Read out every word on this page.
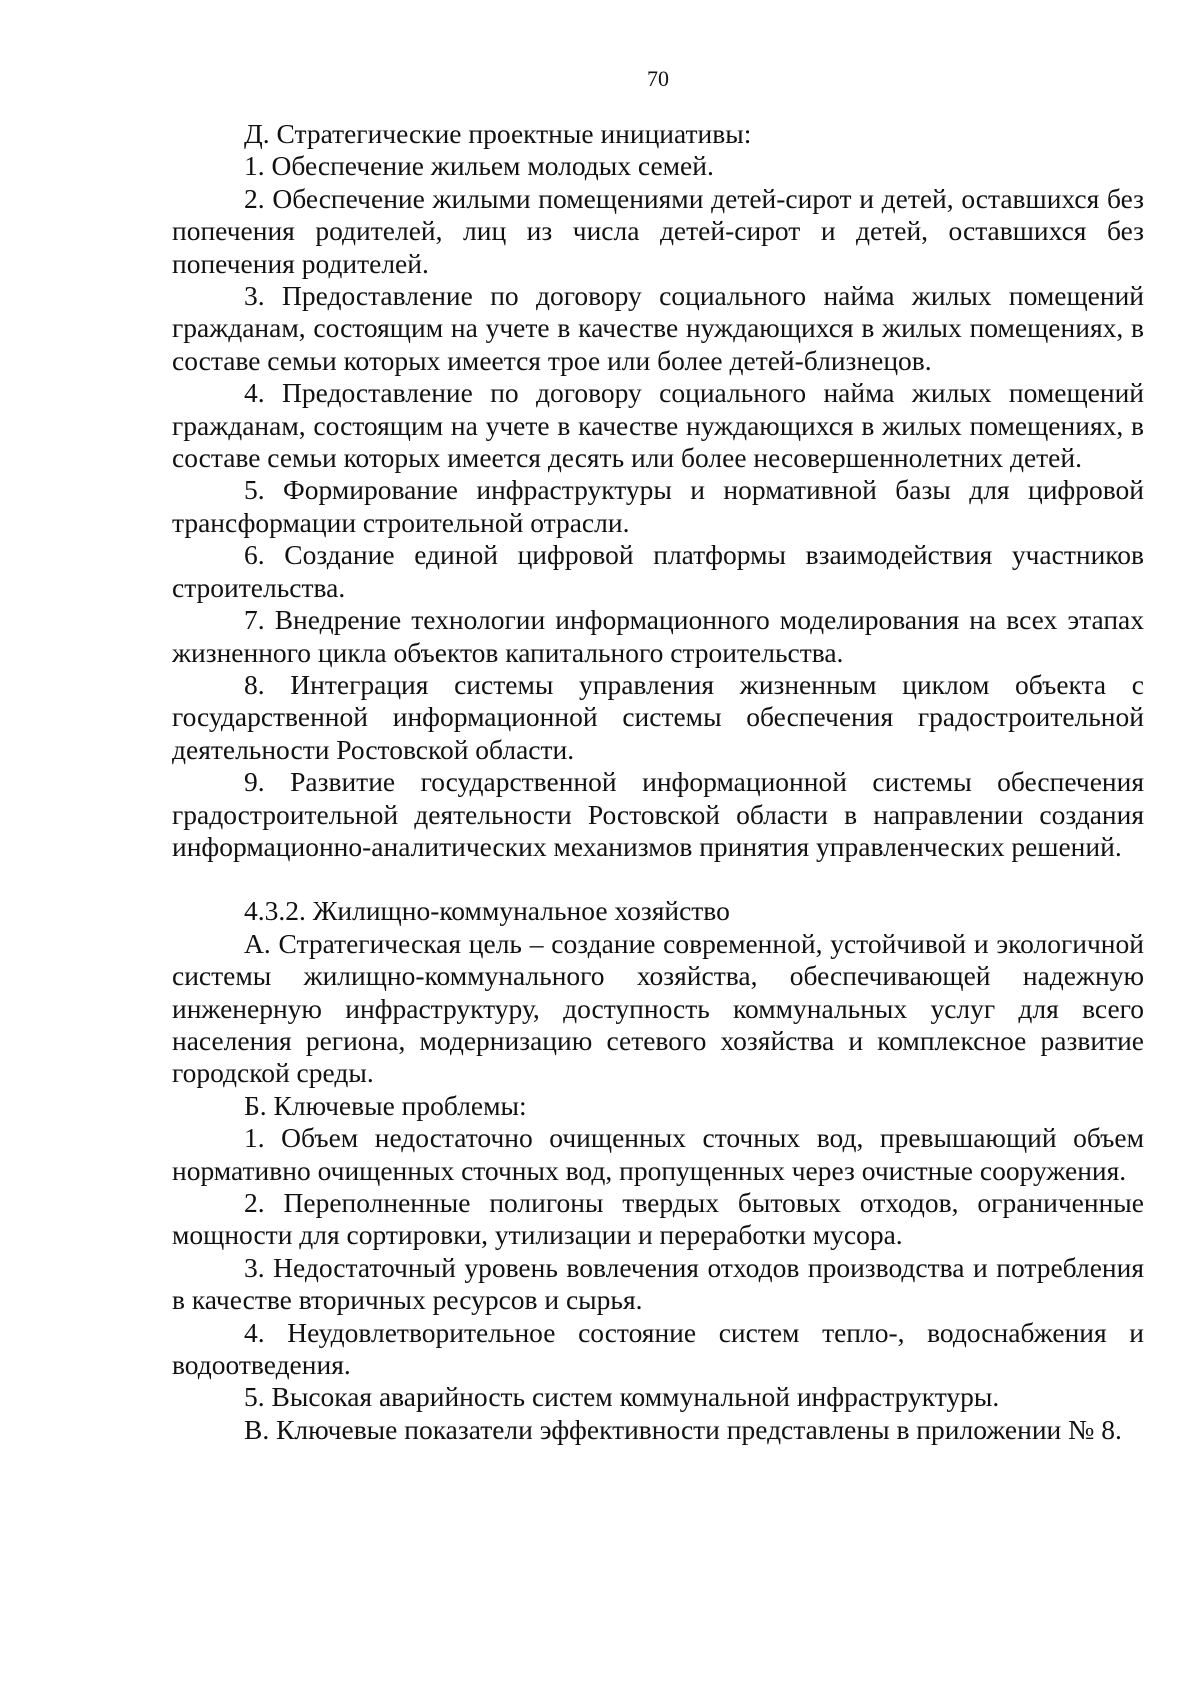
70

Д. Стратегические проектные инициативы:

1. Обеспечение жильем молодых семей.

2. Обеспечение жилыми помещениями детей-сирот и детей, оставшихся без попечения родителей, лиц из числа детей-сирот и детей, оставшихся без попечения родителей.

3. Предоставление по договору социального найма жилых помещений гражданам, состоящим на учете в качестве нуждающихся в жилых помещениях, в составе семьи которых имеется трое или более детей-близнецов.

4. Предоставление по договору социального найма жилых помещений гражданам, состоящим на учете в качестве нуждающихся в жилых помещениях, в составе семьи которых имеется десять или более несовершеннолетних детей.

5. Формирование инфраструктуры и нормативной базы для цифровой трансформации строительной отрасли.

6. Создание единой цифровой платформы взаимодействия участников строительства.

7. Внедрение технологии информационного моделирования на всех этапах жизненного цикла объектов капитального строительства.

8. Интеграция системы управления жизненным циклом объекта с государственной информационной системы обеспечения градостроительной деятельности Ростовской области.

9. Развитие государственной информационной системы обеспечения градостроительной деятельности Ростовской области в направлении создания информационно-аналитических механизмов принятия управленческих решений.

4.3.2. Жилищно-коммунальное хозяйство

А. Стратегическая цель – создание современной, устойчивой и экологичной системы жилищно-коммунального хозяйства, обеспечивающей надежную инженерную инфраструктуру, доступность коммунальных услуг для всего населения региона, модернизацию сетевого хозяйства и комплексное развитие городской среды.

Б. Ключевые проблемы:

1. Объем недостаточно очищенных сточных вод, превышающий объем нормативно очищенных сточных вод, пропущенных через очистные сооружения.

2. Переполненные полигоны твердых бытовых отходов, ограниченные мощности для сортировки, утилизации и переработки мусора.

3. Недостаточный уровень вовлечения отходов производства и потребления в качестве вторичных ресурсов и сырья.

4. Неудовлетворительное состояние систем тепло-, водоснабжения и водоотведения.

5. Высокая аварийность систем коммунальной инфраструктуры.

В. Ключевые показатели эффективности представлены в приложении № 8.
